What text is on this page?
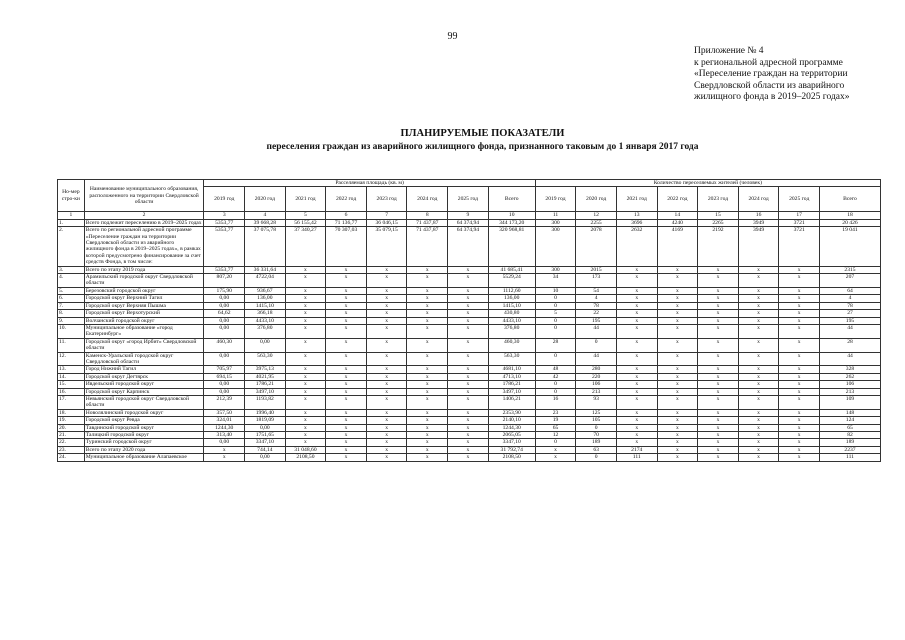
99
Приложение № 4
к региональной адресной программе
«Переселение граждан на территории
Свердловской области из аварийного
жилищного фонда в 2019–2025 годах»
ПЛАНИРУЕМЫЕ ПОКАЗАТЕЛИ
переселения граждан из аварийного жилищного фонда, признанного таковым до 1 января 2017 года
Но-мер стро-ки	Наименование муниципального образования, расположенного на территории Свердловской области	Расселяемая площадь (кв. м)								Количество переселяемых жителей (человек)							
		2019 год	2020 год	2021 год	2022 год	2023 год	2024 год	2025 год	Всего	2019 год	2020 год	2021 год	2022 год	2023 год	2024 год	2025 год	Всего
1	2	3	4	5	6	7	8	9	10	11	12	13	14	15	16	17	18
1.	Всего подлежит переселению в 2019–2025 годах	5353,77	39 668,28	56 155,42	71 136,77	36 046,15	71 437,87	64 374,94	344 173,20	300	2255	3696	4240	2265	3949	3721	20 426
2.	Всего по региональной адресной программе «Переселение граждан на территории Свердловской области из аварийного жилищного фонда в 2019–2025 годах», в рамках которой предусмотрено финансирование за счет средств Фонда, в том числе:	5353,77	37 075,78	37 340,27	70 307,03	35 079,15	71 437,87	64 374,94	320 968,81	300	2078	2632	4169	2192	3949	3721	19 041
3.	Всего по этапу 2019 года	5353,77	36 331,64	x	x	x	x	x	41 685,41	300	2015	x	x	x	x	x	2315
4.	Арамильский городской округ Свердловской области	807,20	4722,04	x	x	x	x	x	5529,24	34	173	x	x	x	x	x	207
5.	Березовский городской округ	175,90	936,67	x	x	x	x	x	1112,60	10	54	x	x	x	x	x	64
6.	Городской округ Верхний Тагил	0,00	136,00	x	x	x	x	x	136,00	0	4	x	x	x	x	x	4
7.	Городской округ Верхняя Пышма	0,00	1415,10	x	x	x	x	x	1415,10	0	78	x	x	x	x	x	78
8.	Городской округ Верхотурский	64,62	366,18	x	x	x	x	x	430,80	5	22	x	x	x	x	x	27
9.	Волчанский городской округ	0,00	4433,10	x	x	x	x	x	4433,10	0	195	x	x	x	x	x	195
10.	Муниципальное образование «город Екатеринбург»	0,00	376,80	x	x	x	x	x	376,80	0	44	x	x	x	x	x	44
11.	Городской округ «город Ирбит» Свердловской области	460,30	0,00	x	x	x	x	x	460,30	28	0	x	x	x	x	x	28
12.	Каменск-Уральский городской округ Свердловской области	0,00	563,30	x	x	x	x	x	563,30	0	44	x	x	x	x	x	44
13.	Город Нижний Тагил	705,97	3975,13	x	x	x	x	x	4681,10	48	280	x	x	x	x	x	328
14.	Городской округ Дегтярск	694,15	4021,95	x	x	x	x	x	4713,10	42	220	x	x	x	x	x	262
15.	Ивдельский городской округ	0,00	1786,21	x	x	x	x	x	1786,21	0	106	x	x	x	x	x	106
16.	Городской округ Карпинск	0,00	3497,10	x	x	x	x	x	3497,10	0	213	x	x	x	x	x	213
17.	Невьянский городской округ Свердловской области	212,39	1193,82	x	x	x	x	x	1406,21	16	93	x	x	x	x	x	109
18.	Новолялинский городской округ	357,50	1996,40	x	x	x	x	x	2353,90	23	125	x	x	x	x	x	148
19.	Городской округ Ревда	324,01	1819,09	x	x	x	x	x	2140,10	19	105	x	x	x	x	x	124
20.	Тавдинский городской округ	1244,30	0,00	x	x	x	x	x	1244,30	65	0	x	x	x	x	x	65
21.	Талицкий городской округ	313,40	1751,65	x	x	x	x	x	2065,05	12	70	x	x	x	x	x	82
22.	Туринский городской округ	0,00	3347,10	x	x	x	x	x	3347,10	0	189	x	x	x	x	x	189
23.	Всего по этапу 2020 года	x	744,14	31 048,60	x	x	x	x	31 792,74	x	63	2174	x	x	x	x	2237
24.	Муниципальное образование Алапаевское	x	0,00	2108,50	x	x	x	x	2108,50	x	0	111	x	x	x	x	111
